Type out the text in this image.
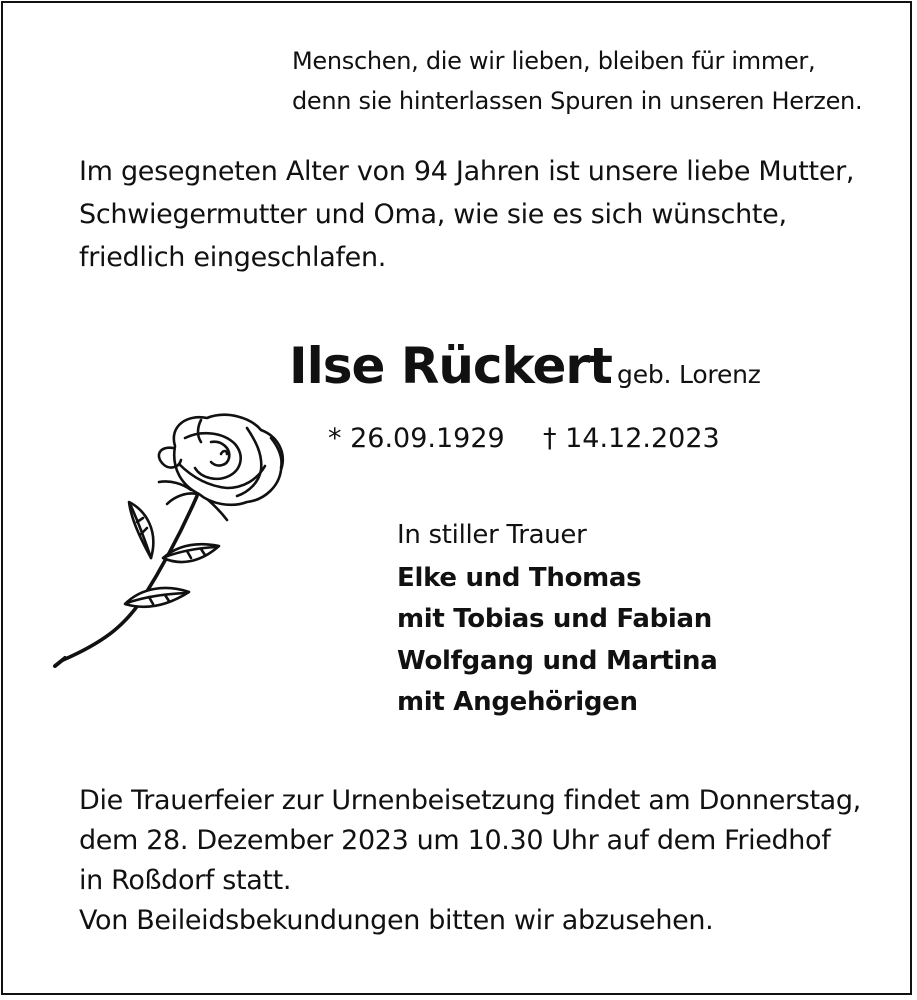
Menschen, die wir lieben, bleiben für immer,
denn sie hinterlassen Spuren in unseren Herzen.
Im gesegneten Alter von 94 Jahren ist unsere liebe Mutter,
Schwiegermutter und Oma, wie sie es sich wünschte,
friedlich eingeschlafen.
Ilse Rückert geb. Lorenz
* 26.09.1929 † 14.12.2023
In stiller Trauer
Elke und Thomas
mit Tobias und Fabian
Wolfgang und Martina
mit Angehörigen
Die Trauerfeier zur Urnenbeisetzung findet am Donnerstag,
dem 28. Dezember 2023 um 10.30 Uhr auf dem Friedhof
in Roßdorf statt.
Von Beileidsbekundungen bitten wir abzusehen.
